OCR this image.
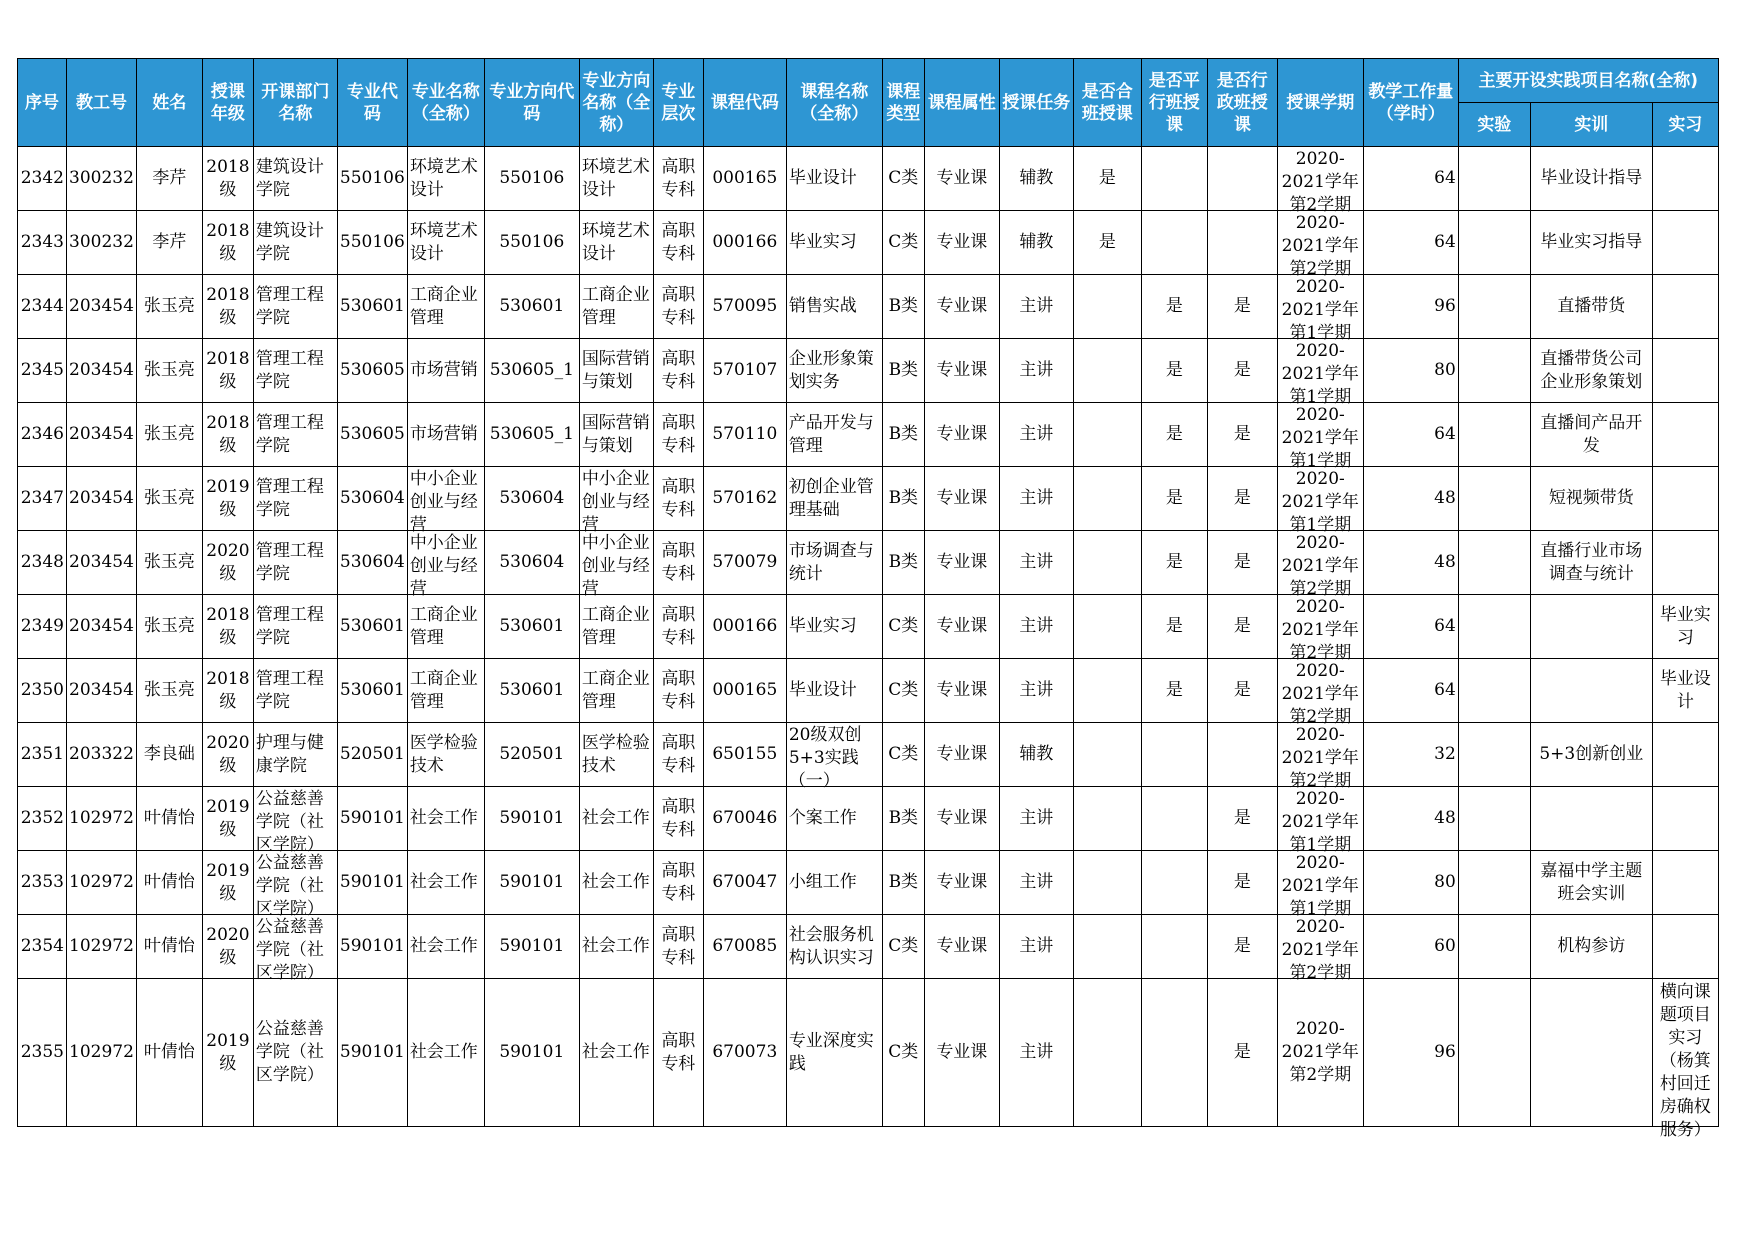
序号	教工号	姓名	授课年级	开课部门名称	专业代码	专业名称（全称）	专业方向代码	专业方向名称（全称）	专业层次	课程代码	课程名称（全称）	课程类型	课程属性	授课任务	是否合班授课	是否平行班授课	是否行政班授课	授课学期	教学工作量（学时）	主要开设实践项目名称(全称)		
																				实验	实训	实习

2342	300232	李芹	2018级	建筑设计学院	550106	环境艺术设计	550106	环境艺术设计	高职专科	000165	毕业设计	C类	专业课	辅教	是			2020-2021学年第2学期	64		毕业设计指导	

2343	300232	李芹	2018级	建筑设计学院	550106	环境艺术设计	550106	环境艺术设计	高职专科	000166	毕业实习	C类	专业课	辅教	是			2020-2021学年第2学期	64		毕业实习指导	

2344	203454	张玉亮	2018级	管理工程学院	530601	工商企业管理	530601	工商企业管理	高职专科	570095	销售实战	B类	专业课	主讲		是	是	2020-2021学年第1学期	96		直播带货	

2345	203454	张玉亮	2018级	管理工程学院	530605	市场营销	530605_1	国际营销与策划	高职专科	570107	企业形象策划实务	B类	专业课	主讲		是	是	2020-2021学年第1学期	80		直播带货公司企业形象策划	

2346	203454	张玉亮	2018级	管理工程学院	530605	市场营销	530605_1	国际营销与策划	高职专科	570110	产品开发与管理	B类	专业课	主讲		是	是	2020-2021学年第1学期	64		直播间产品开发	

2347	203454	张玉亮	2019级	管理工程学院	530604	中小企业创业与经营	530604	中小企业创业与经营	高职专科	570162	初创企业管理基础	B类	专业课	主讲		是	是	2020-2021学年第1学期	48		短视频带货	

2348	203454	张玉亮	2020级	管理工程学院	530604	中小企业创业与经营	530604	中小企业创业与经营	高职专科	570079	市场调查与统计	B类	专业课	主讲		是	是	2020-2021学年第2学期	48		直播行业市场调查与统计	

2349	203454	张玉亮	2018级	管理工程学院	530601	工商企业管理	530601	工商企业管理	高职专科	000166	毕业实习	C类	专业课	主讲		是	是	2020-2021学年第2学期	64			毕业实习

2350	203454	张玉亮	2018级	管理工程学院	530601	工商企业管理	530601	工商企业管理	高职专科	000165	毕业设计	C类	专业课	主讲		是	是	2020-2021学年第2学期	64			毕业设计

2351	203322	李良础	2020级	护理与健康学院	520501	医学检验技术	520501	医学检验技术	高职专科	650155	20级双创5+3实践（一）	C类	专业课	辅教				2020-2021学年第2学期	32		5+3创新创业	

2352	102972	叶倩怡	2019级	公益慈善学院（社区学院）	590101	社会工作	590101	社会工作	高职专科	670046	个案工作	B类	专业课	主讲			是	2020-2021学年第1学期	48			

2353	102972	叶倩怡	2019级	公益慈善学院（社区学院）	590101	社会工作	590101	社会工作	高职专科	670047	小组工作	B类	专业课	主讲			是	2020-2021学年第1学期	80		嘉福中学主题班会实训	

2354	102972	叶倩怡	2020级	公益慈善学院（社区学院）	590101	社会工作	590101	社会工作	高职专科	670085	社会服务机构认识实习	C类	专业课	主讲			是	2020-2021学年第2学期	60		机构参访	

2355	102972	叶倩怡	2019级	公益慈善学院（社区学院）	590101	社会工作	590101	社会工作	高职专科	670073	专业深度实践	C类	专业课	主讲			是	2020-2021学年第2学期	96			横向课题项目实习（杨箕村回迁房确权服务）
